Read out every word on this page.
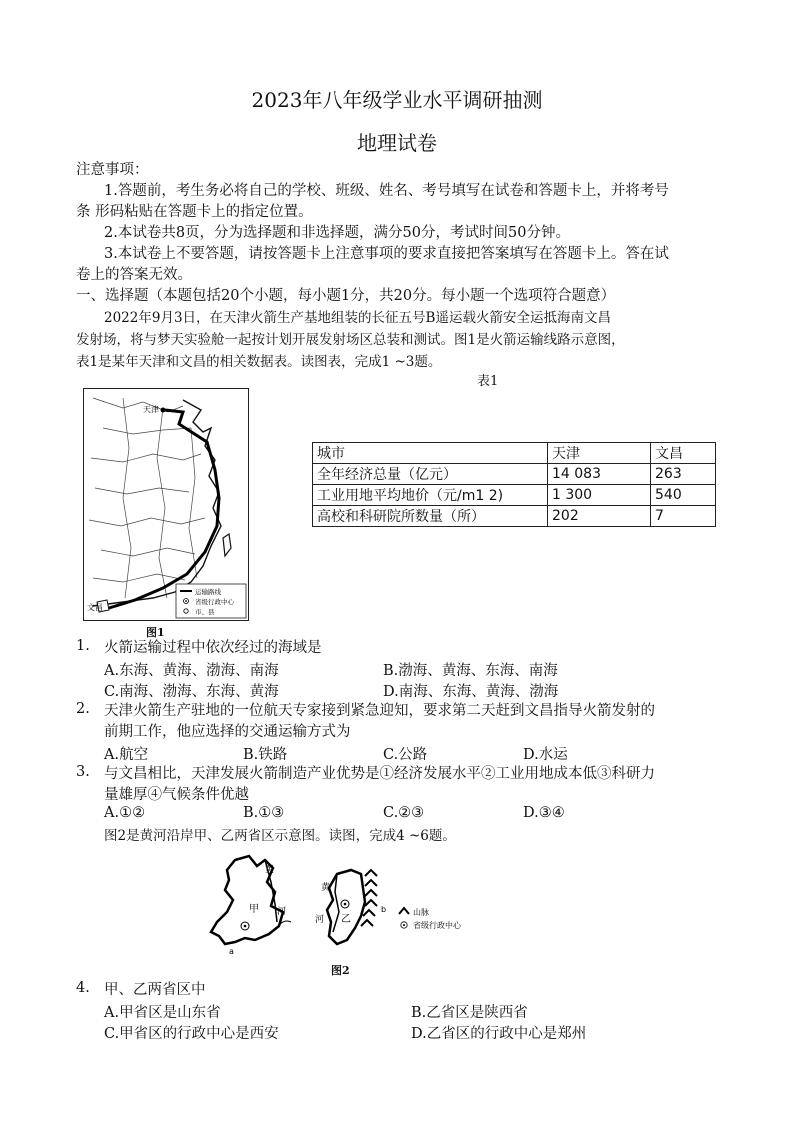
2023年八年级学业水平调研抽测
地理试卷
注意事项：
1.答题前，考生务必将自己的学校、班级、姓名、考号填写在试卷和答题卡上，并将考号
条 形码粘贴在答题卡上的指定位置。
2.本试卷共8页，分为选择题和非选择题，满分50分，考试时间50分钟。
3.本试卷上不要答题，请按答题卡上注意事项的要求直接把答案填写在答题卡上。答在试
卷上的答案无效。
一、选择题（本题包括20个小题，每小题1分，共20分。每小题一个选项符合题意）
2022年9月3日，在天津火箭生产基地组装的长征五号B遥运载火箭安全运抵海南文昌
发射场，将与梦天实验舱一起按计划开展发射场区总装和测试。图1是火箭运输线路示意图，
表1是某年天津和文昌的相关数据表。读图表，完成1 ~3题。
表1
天津
文昌
运输路线
省级行政中心
市、县
图1
城市	天津	文昌
全年经济总量（亿元）	14 083	263
工业用地平均地价（元/m1 2)	1 300	540
高校和科研院所数量（所）	202	7
1. 火箭运输过程中依次经过的海域是
A.东海、黄海、渤海、南海	B.渤海、黄海、东海、南海
C.南海、渤海、东海、黄海	D.南海、东海、黄海、渤海
2. 天津火箭生产驻地的一位航天专家接到紧急迎知，要求第二天赶到文昌指导火箭发射的
前期工作，他应选择的交通运输方式为
A.航空	B.铁路	C.公路	D.水运
3. 与文昌相比，天津发展火箭制造产业优势是①经济发展水平②工业用地成本低③科研力
量雄厚④气候条件优越
A.①②	B.①③	C.②③	D.③④
图2是黄河沿岸甲、乙两省区示意图。读图，完成4 ~6题。
黄
河
甲
a
黄
河 乙
b	山脉
省级行政中心
图2
4. 甲、乙两省区中
A.甲省区是山东省	B.乙省区是陕西省
C.甲省区的行政中心是西安	D.乙省区的行政中心是郑州
